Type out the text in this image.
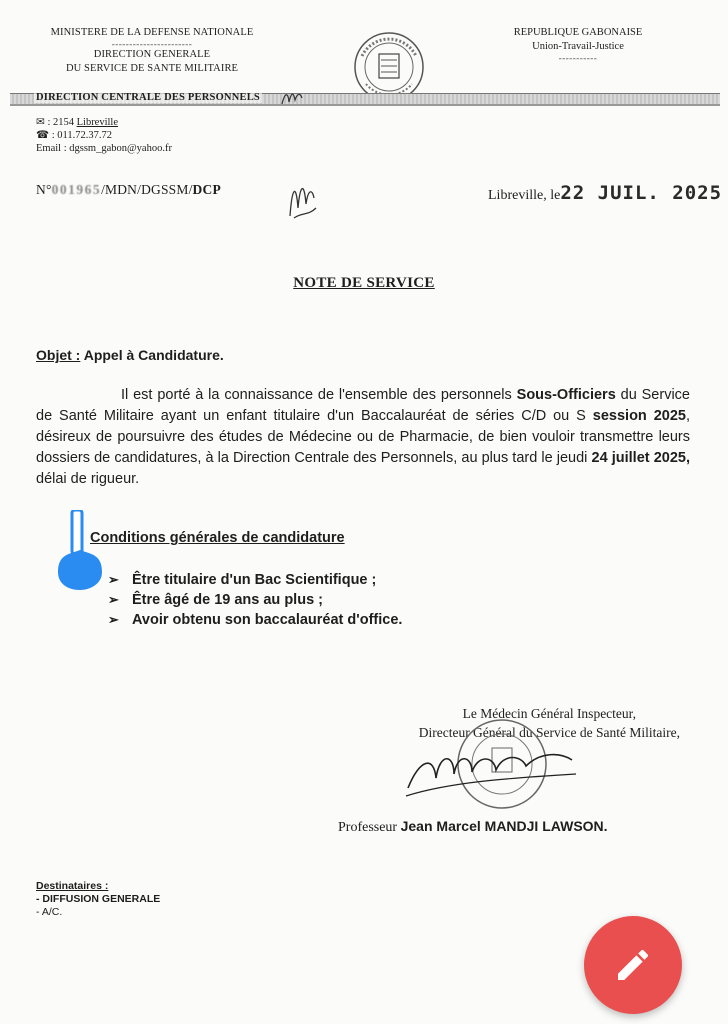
MINISTERE DE LA DEFENSE NATIONALE
-----------------------
DIRECTION GENERALE
DU SERVICE DE SANTE MILITAIRE
REPUBLIQUE GABONAISE
Union-Travail-Justice
-----------
DIRECTION CENTRALE DES PERSONNELS
✉ : 2154 Libreville
☎ : 011.72.37.72
Email : dgssm_gabon@yahoo.fr
N°001965/MDN/DGSSM/DCP	Libreville, le22 JUIL. 2025
NOTE DE SERVICE
Objet : Appel à Candidature.

Il est porté à la connaissance de l'ensemble des personnels Sous-Officiers du Service de Santé Militaire ayant un enfant titulaire d'un Baccalauréat de séries C/D ou S session 2025, désireux de poursuivre des études de Médecine ou de Pharmacie, de bien vouloir transmettre leurs dossiers de candidatures, à la Direction Centrale des Personnels, au plus tard le jeudi 24 juillet 2025, délai de rigueur.

Conditions générales de candidature
➢ Être titulaire d'un Bac Scientifique ;
➢ Être âgé de 19 ans au plus ;
➢ Avoir obtenu son baccalauréat d'office.
Le Médecin Général Inspecteur,
Directeur Général du Service de Santé Militaire,
Professeur Jean Marcel MANDJI LAWSON.
Destinataires :
- DIFFUSION GENERALE
- A/C.
